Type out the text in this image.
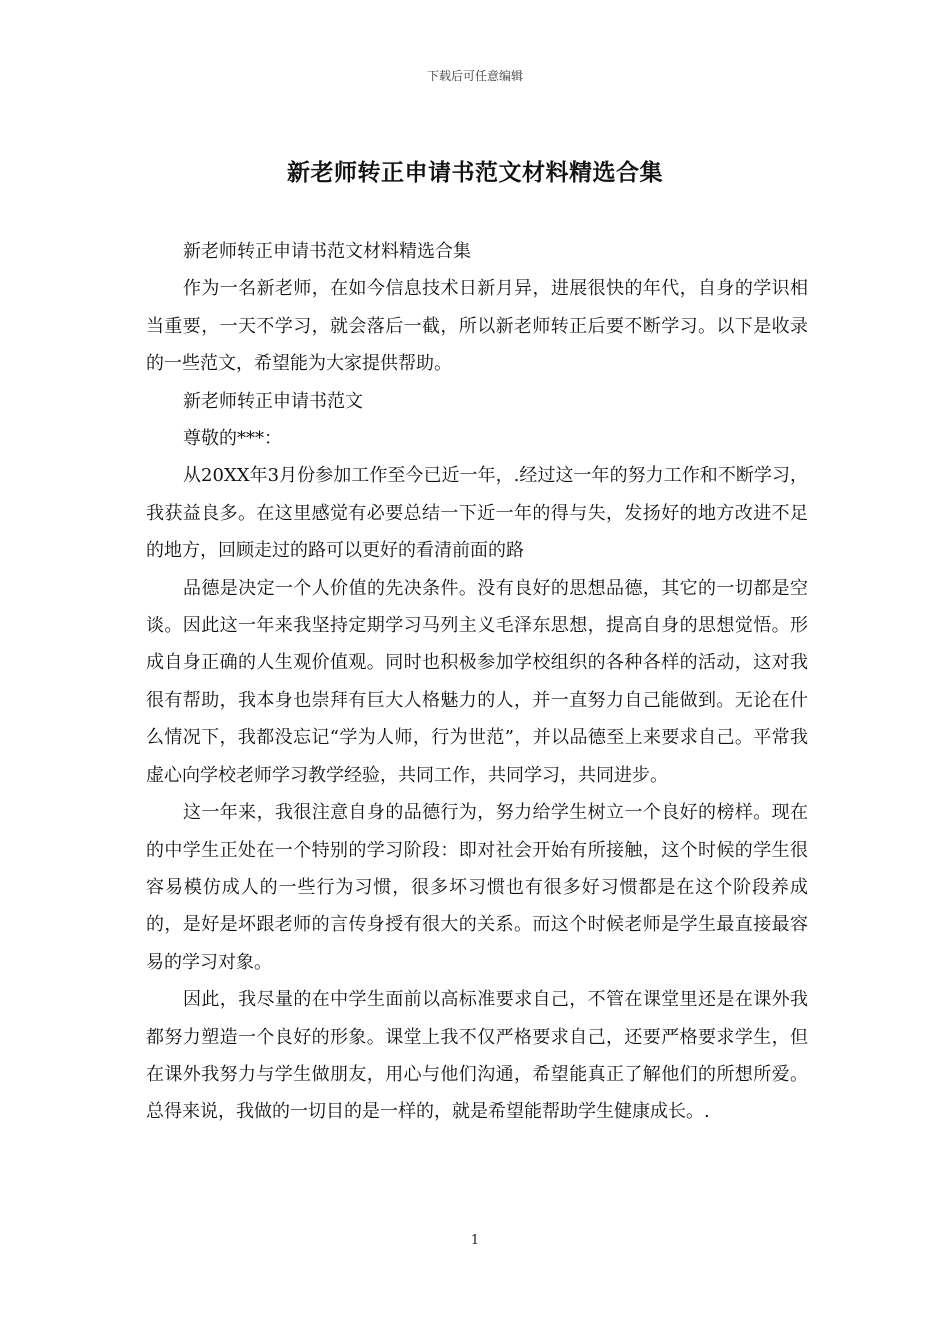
下载后可任意编辑
新老师转正申请书范文材料精选合集

新老师转正申请书范文材料精选合集

作为一名新老师，在如今信息技术日新月异，进展很快的年代，自身的学识相当重要，一天不学习，就会落后一截，所以新老师转正后要不断学习。以下是收录的一些范文，希望能为大家提供帮助。

新老师转正申请书范文

尊敬的***：

从20XX年3月份参加工作至今已近一年，.经过这一年的努力工作和不断学习，我获益良多。在这里感觉有必要总结一下近一年的得与失，发扬好的地方改进不足的地方，回顾走过的路可以更好的看清前面的路

品德是决定一个人价值的先决条件。没有良好的思想品德，其它的一切都是空谈。因此这一年来我坚持定期学习马列主义毛泽东思想，提高自身的思想觉悟。形成自身正确的人生观价值观。同时也积极参加学校组织的各种各样的活动，这对我很有帮助，我本身也崇拜有巨大人格魅力的人，并一直努力自己能做到。无论在什么情况下，我都没忘记“学为人师，行为世范”，并以品德至上来要求自己。平常我虚心向学校老师学习教学经验，共同工作，共同学习，共同进步。

这一年来，我很注意自身的品德行为，努力给学生树立一个良好的榜样。现在的中学生正处在一个特别的学习阶段：即对社会开始有所接触，这个时候的学生很容易模仿成人的一些行为习惯，很多坏习惯也有很多好习惯都是在这个阶段养成的，是好是坏跟老师的言传身授有很大的关系。而这个时候老师是学生最直接最容易的学习对象。

因此，我尽量的在中学生面前以高标准要求自己，不管在课堂里还是在课外我都努力塑造一个良好的形象。课堂上我不仅严格要求自己，还要严格要求学生，但在课外我努力与学生做朋友，用心与他们沟通，希望能真正了解他们的所想所爱。总得来说，我做的一切目的是一样的，就是希望能帮助学生健康成长。.

1
